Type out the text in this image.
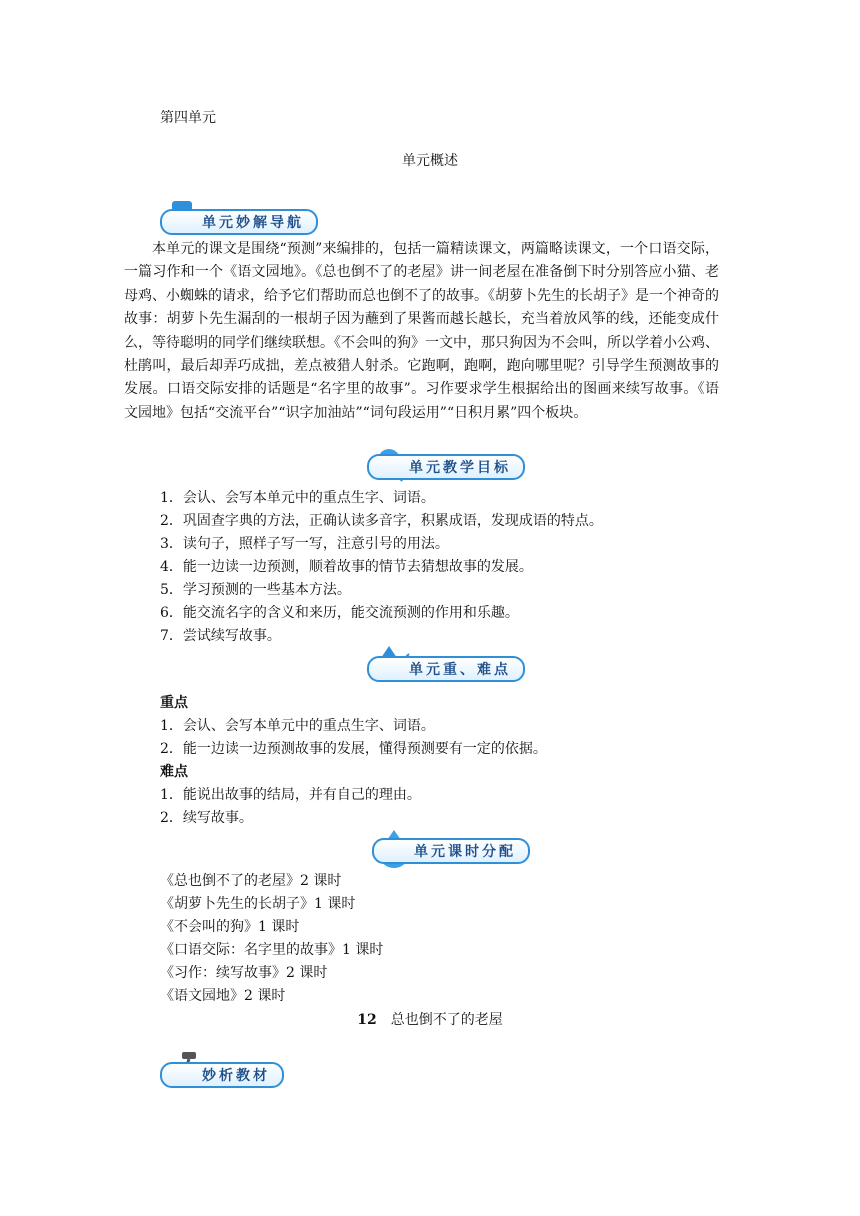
第四单元
单元概述
单元妙解导航
本单元的课文是围绕“预测”来编排的，包括一篇精读课文，两篇略读课文，一个口语交际，一篇习作和一个《语文园地》。《总也倒不了的老屋》讲一间老屋在准备倒下时分别答应小猫、老母鸡、小蜘蛛的请求，给予它们帮助而总也倒不了的故事。《胡萝卜先生的长胡子》是一个神奇的故事：胡萝卜先生漏刮的一根胡子因为蘸到了果酱而越长越长，充当着放风筝的线，还能变成什么，等待聪明的同学们继续联想。《不会叫的狗》一文中，那只狗因为不会叫，所以学着小公鸡、杜鹃叫，最后却弄巧成拙，差点被猎人射杀。它跑啊，跑啊，跑向哪里呢？引导学生预测故事的发展。口语交际安排的话题是“名字里的故事”。习作要求学生根据给出的图画来续写故事。《语文园地》包括“交流平台”“识字加油站”“词句段运用”“日积月累”四个板块。
单元教学目标
1．会认、会写本单元中的重点生字、词语。
2．巩固查字典的方法，正确认读多音字，积累成语，发现成语的特点。
3．读句子，照样子写一写，注意引号的用法。
4．能一边读一边预测，顺着故事的情节去猜想故事的发展。
5．学习预测的一些基本方法。
6．能交流名字的含义和来历，能交流预测的作用和乐趣。
7．尝试续写故事。
单元重、难点
重点
1．会认、会写本单元中的重点生字、词语。
2．能一边读一边预测故事的发展，懂得预测要有一定的依据。
难点
1．能说出故事的结局，并有自己的理由。
2．续写故事。
单元课时分配
《总也倒不了的老屋》2 课时
《胡萝卜先生的长胡子》1 课时
《不会叫的狗》1 课时
《口语交际：名字里的故事》1 课时
《习作：续写故事》2 课时
《语文园地》2 课时
12 总也倒不了的老屋
妙析教材
